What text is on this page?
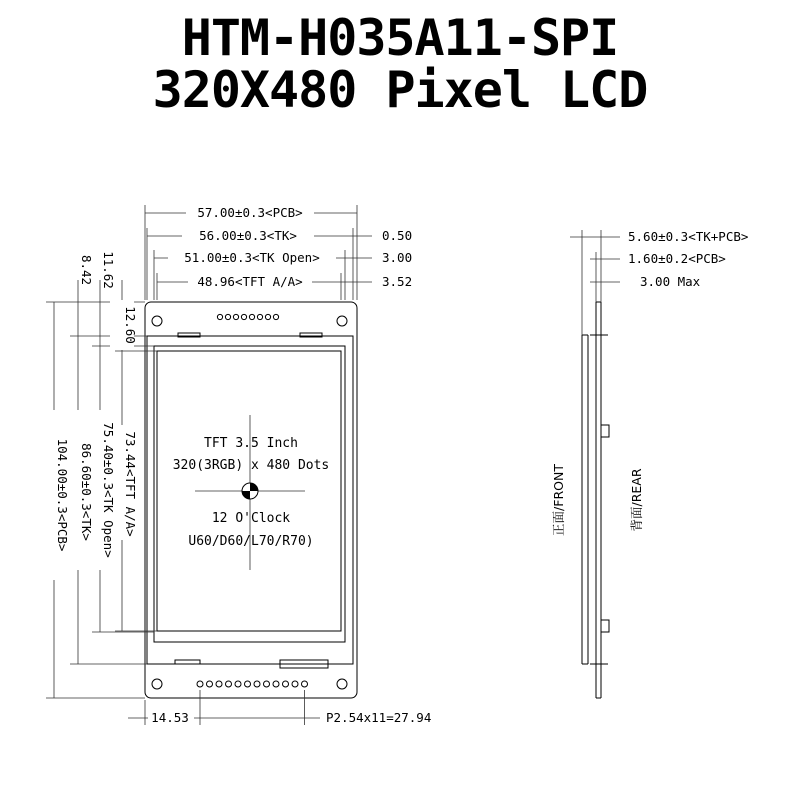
HTM-H035A11-SPI
320X480 Pixel LCD
TFT 3.5 Inch
320(3RGB) x 480 Dots
12 O'Clock
U60/D60/L70/R70)
57.00±0.3<PCB>
56.00±0.3<TK>
51.00±0.3<TK Open>
48.96<TFT A/A>
0.50
3.00
3.52
104.00±0.3<PCB> 86.60±0.3<TK> 75.40±0.3<TK Open> 73.44<TFT A/A>
12.60
11.62
8.42
14.53	P2.54x11=27.94
5.60±0.3<TK+PCB>
1.60±0.2<PCB>
3.00 Max
正面/FRONT	背面/REAR
